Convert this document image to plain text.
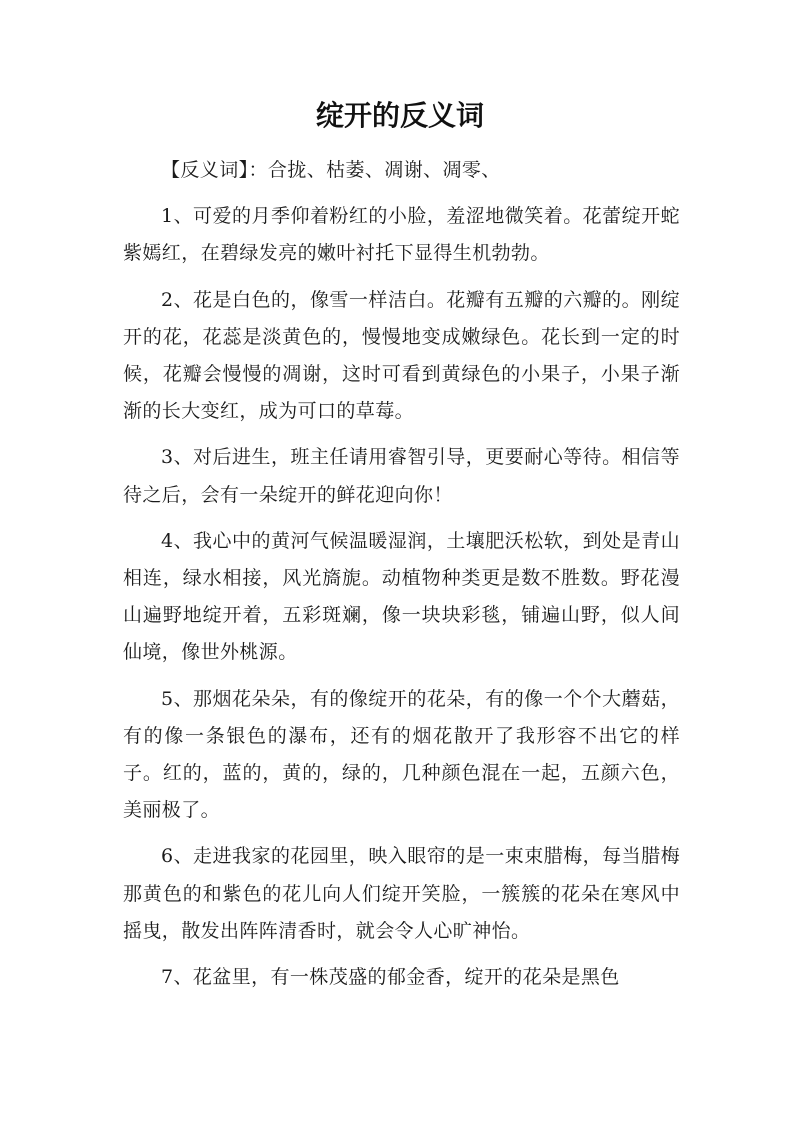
绽开的反义词

【反义词】：合拢、枯萎、凋谢、凋零、

1、可爱的月季仰着粉红的小脸，羞涩地微笑着。花蕾绽开蛇紫嫣红，在碧绿发亮的嫩叶衬托下显得生机勃勃。

2、花是白色的，像雪一样洁白。花瓣有五瓣的六瓣的。刚绽开的花，花蕊是淡黄色的，慢慢地变成嫩绿色。花长到一定的时候，花瓣会慢慢的凋谢，这时可看到黄绿色的小果子，小果子渐渐的长大变红，成为可口的草莓。

3、对后进生，班主任请用睿智引导，更要耐心等待。相信等待之后，会有一朵绽开的鲜花迎向你！

4、我心中的黄河气候温暖湿润，土壤肥沃松软，到处是青山相连，绿水相接，风光旖旎。动植物种类更是数不胜数。野花漫山遍野地绽开着，五彩斑斓，像一块块彩毯，铺遍山野，似人间仙境，像世外桃源。

5、那烟花朵朵，有的像绽开的花朵，有的像一个个大蘑菇，有的像一条银色的瀑布，还有的烟花散开了我形容不出它的样子。红的，蓝的，黄的，绿的，几种颜色混在一起，五颜六色，美丽极了。

6、走进我家的花园里，映入眼帘的是一束束腊梅，每当腊梅那黄色的和紫色的花儿向人们绽开笑脸，一簇簇的花朵在寒风中摇曳，散发出阵阵清香时，就会令人心旷神怡。

7、花盆里，有一株茂盛的郁金香，绽开的花朵是黑色
